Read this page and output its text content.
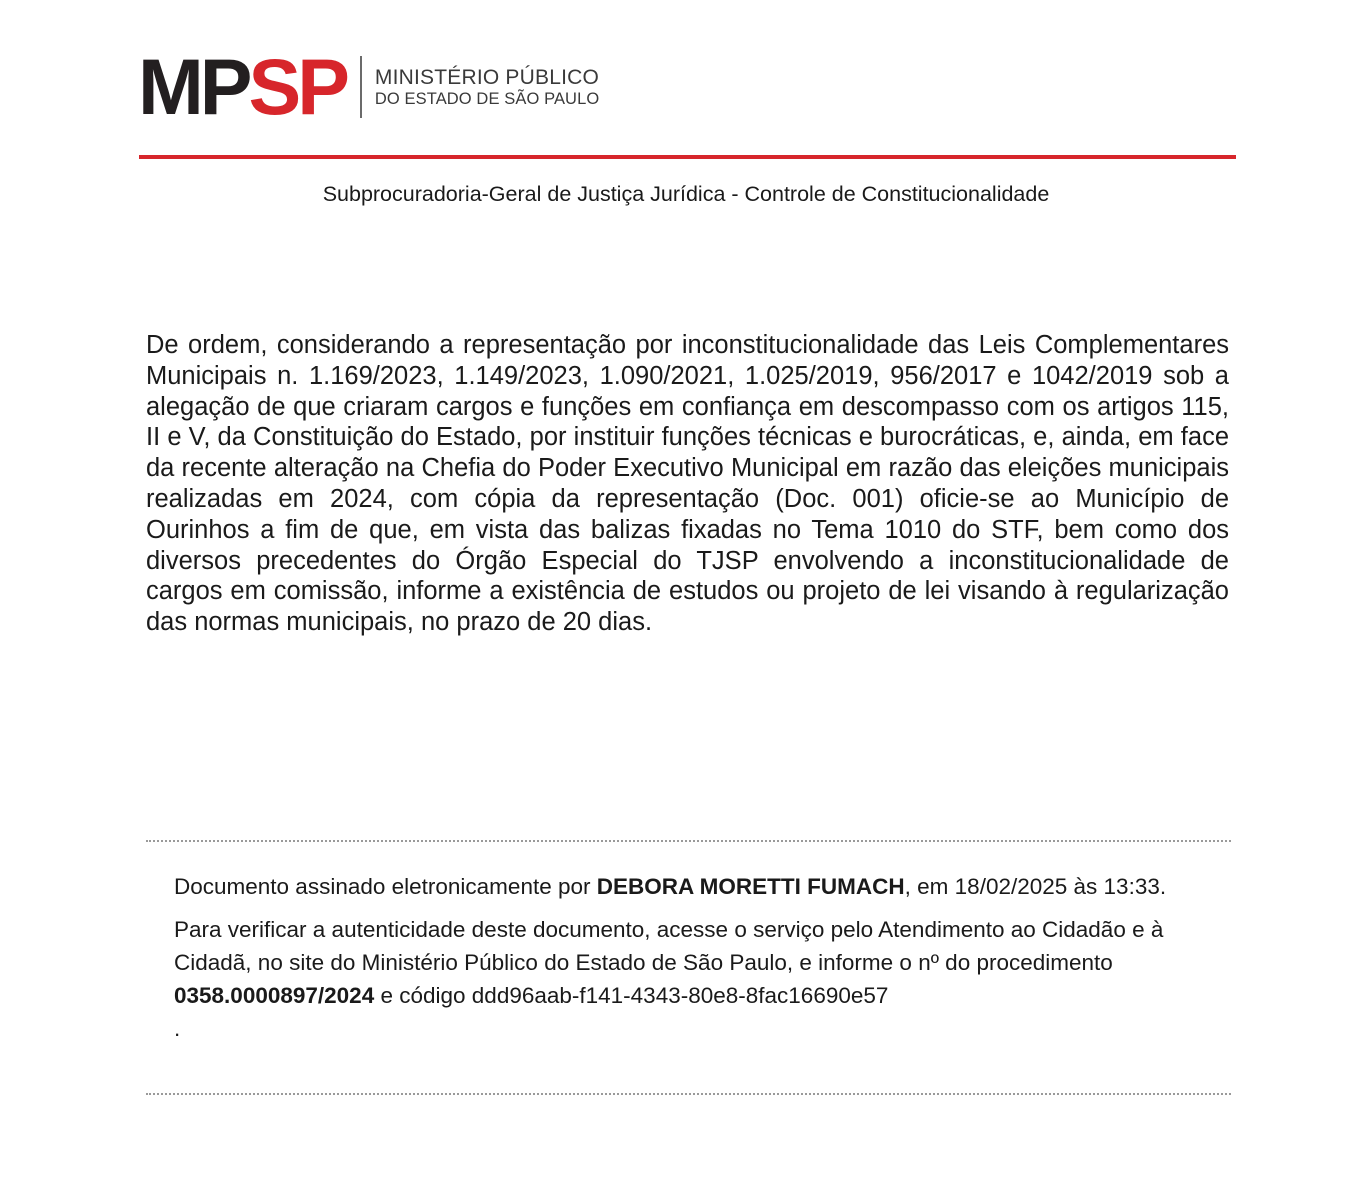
MP SP MINISTÉRIO PÚBLICO
DO ESTADO DE SÃO PAULO
Subprocuradoria-Geral de Justiça Jurídica - Controle de Constitucionalidade
De ordem, considerando a representação por inconstitucionalidade das Leis Complementares Municipais n. 1.169/2023, 1.149/2023, 1.090/2021, 1.025/2019, 956/2017 e 1042/2019 sob a alegação de que criaram cargos e funções em confiança em descompasso com os artigos 115, II e V, da Constituição do Estado, por instituir funções técnicas e burocráticas, e, ainda, em face da recente alteração na Chefia do Poder Executivo Municipal em razão das eleições municipais realizadas em 2024, com cópia da representação (Doc. 001) oficie-se ao Município de Ourinhos a fim de que, em vista das balizas fixadas no Tema 1010 do STF, bem como dos diversos precedentes do Órgão Especial do TJSP envolvendo a inconstitucionalidade de cargos em comissão, informe a existência de estudos ou projeto de lei visando à regularização das normas municipais, no prazo de 20 dias.

Documento assinado eletronicamente por DEBORA MORETTI FUMACH, em 18/02/2025 às 13:33.

Para verificar a autenticidade deste documento, acesse o serviço pelo Atendimento ao Cidadão e à Cidadã, no site do Ministério Público do Estado de São Paulo, e informe o nº do procedimento 0358.0000897/2024 e código ddd96aab-f141-4343-80e8-8fac16690e57
.
